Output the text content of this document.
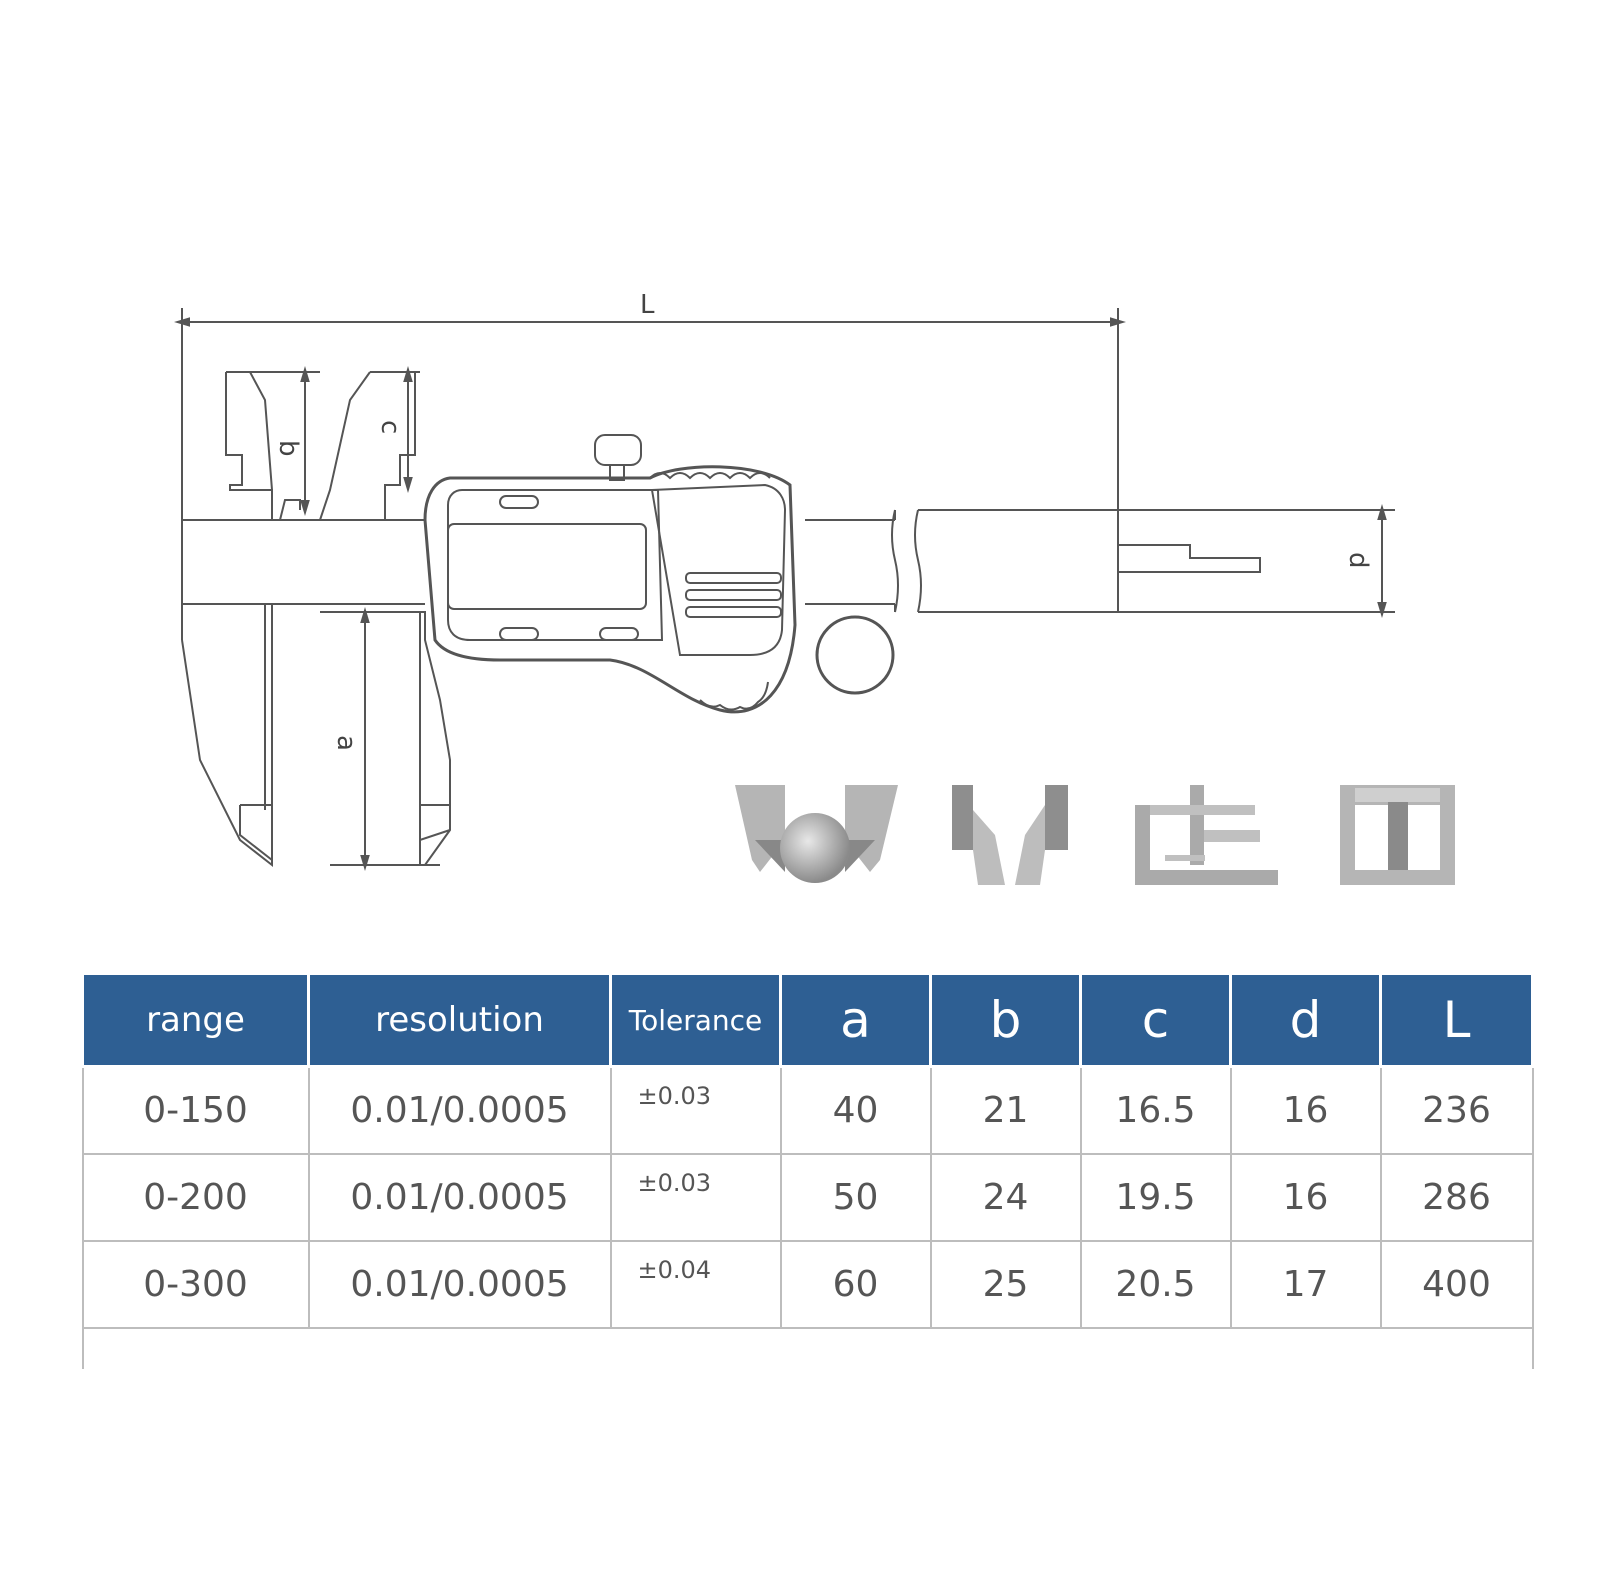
L
b
c
d
a
range	resolution	Tolerance	a	b	c	d	L
0-150	0.01/0.0005	±0.03	40	21	16.5	16	236
0-200	0.01/0.0005	±0.03	50	24	19.5	16	286
0-300	0.01/0.0005	±0.04	60	25	20.5	17	400
